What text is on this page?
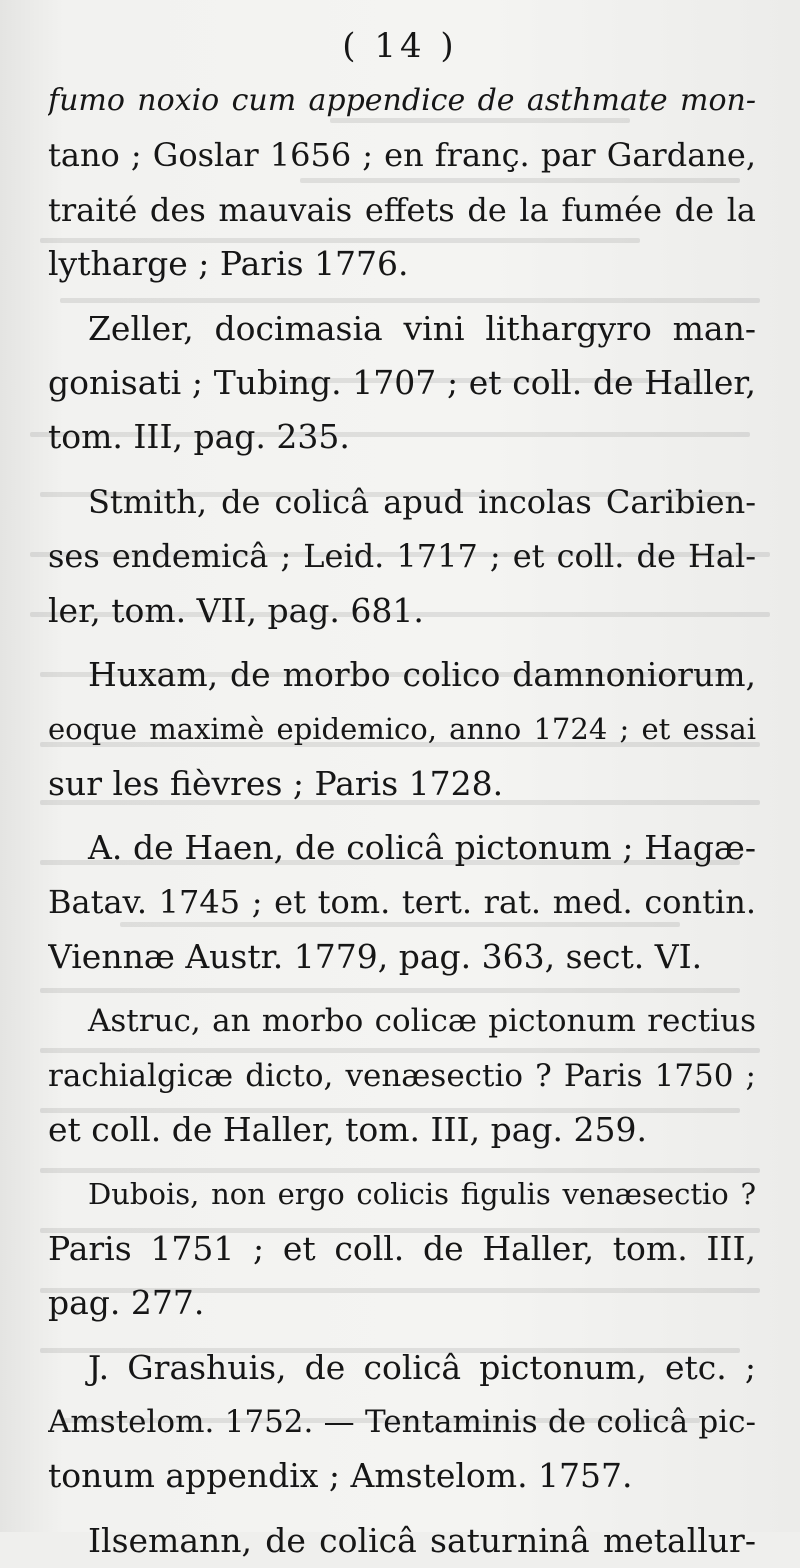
( 14 )
fumo noxio cum appendice de asthmate mon-
tano ; Goslar 1656 ; en franç. par Gardane,
traité des mauvais effets de la fumée de la
lytharge ; Paris 1776.
Zeller, docimasia vini lithargyro man-
gonisati ; Tubing. 1707 ; et coll. de Haller,
tom. III, pag. 235.
Stmith, de colicâ apud incolas Caribien-
ses endemicâ ; Leid. 1717 ; et coll. de Hal-
ler, tom. VII, pag. 681.
Huxam, de morbo colico damnoniorum,
eoque maximè epidemico, anno 1724 ; et essai
sur les fièvres ; Paris 1728.
A. de Haen, de colicâ pictonum ; Hagæ-
Batav. 1745 ; et tom. tert. rat. med. contin.
Viennæ Austr. 1779, pag. 363, sect. VI.
Astruc, an morbo colicæ pictonum rectius
rachialgicæ dicto, venæsectio ? Paris 1750 ;
et coll. de Haller, tom. III, pag. 259.
Dubois, non ergo colicis figulis venæsectio ?
Paris 1751 ; et coll. de Haller, tom. III,
pag. 277.
J. Grashuis, de colicâ pictonum, etc. ;
Amstelom. 1752. — Tentaminis de colicâ pic-
tonum appendix ; Amstelom. 1757.
Ilsemann, de colicâ saturninâ metallur-
